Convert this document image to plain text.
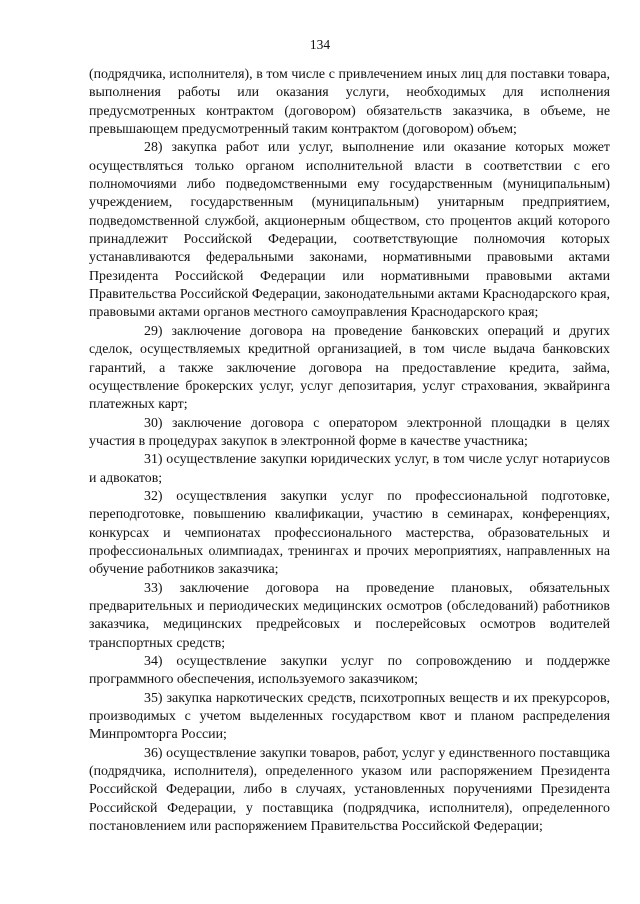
134

(подрядчика, исполнителя), в том числе с привлечением иных лиц для поставки товара, выполнения работы или оказания услуги, необходимых для исполнения предусмотренных контрактом (договором) обязательств заказчика, в объеме, не превышающем предусмотренный таким контрактом (договором) объем;

28) закупка работ или услуг, выполнение или оказание которых может осуществляться только органом исполнительной власти в соответствии с его полномочиями либо подведомственными ему государственным (муниципальным) учреждением, государственным (муниципальным) унитарным предприятием, подведомственной службой, акционерным обществом, сто процентов акций которого принадлежит Российской Федерации, соответствующие полномочия которых устанавливаются федеральными законами, нормативными правовыми актами Президента Российской Федерации или нормативными правовыми актами Правительства Российской Федерации, законодательными актами Краснодарского края, правовыми актами органов местного самоуправления Краснодарского края;

29) заключение договора на проведение банковских операций и других сделок, осуществляемых кредитной организацией, в том числе выдача банковских гарантий, а также заключение договора на предоставление кредита, займа, осуществление брокерских услуг, услуг депозитария, услуг страхования, эквайринга платежных карт;

30) заключение договора с оператором электронной площадки в целях участия в процедурах закупок в электронной форме в качестве участника;

31) осуществление закупки юридических услуг, в том числе услуг нотариусов и адвокатов;

32) осуществления закупки услуг по профессиональной подготовке, переподготовке, повышению квалификации, участию в семинарах, конференциях, конкурсах и чемпионатах профессионального мастерства, образовательных и профессиональных олимпиадах, тренингах и прочих мероприятиях, направленных на обучение работников заказчика;

33) заключение договора на проведение плановых, обязательных предварительных и периодических медицинских осмотров (обследований) работников заказчика, медицинских предрейсовых и послерейсовых осмотров водителей транспортных средств;

34) осуществление закупки услуг по сопровождению и поддержке программного обеспечения, используемого заказчиком;

35) закупка наркотических средств, психотропных веществ и их прекурсоров, производимых с учетом выделенных государством квот и планом распределения Минпромторга России;

36) осуществление закупки товаров, работ, услуг у единственного поставщика (подрядчика, исполнителя), определенного указом или распоряжением Президента Российской Федерации, либо в случаях, установленных поручениями Президента Российской Федерации, у поставщика (подрядчика, исполнителя), определенного постановлением или распоряжением Правительства Российской Федерации;
